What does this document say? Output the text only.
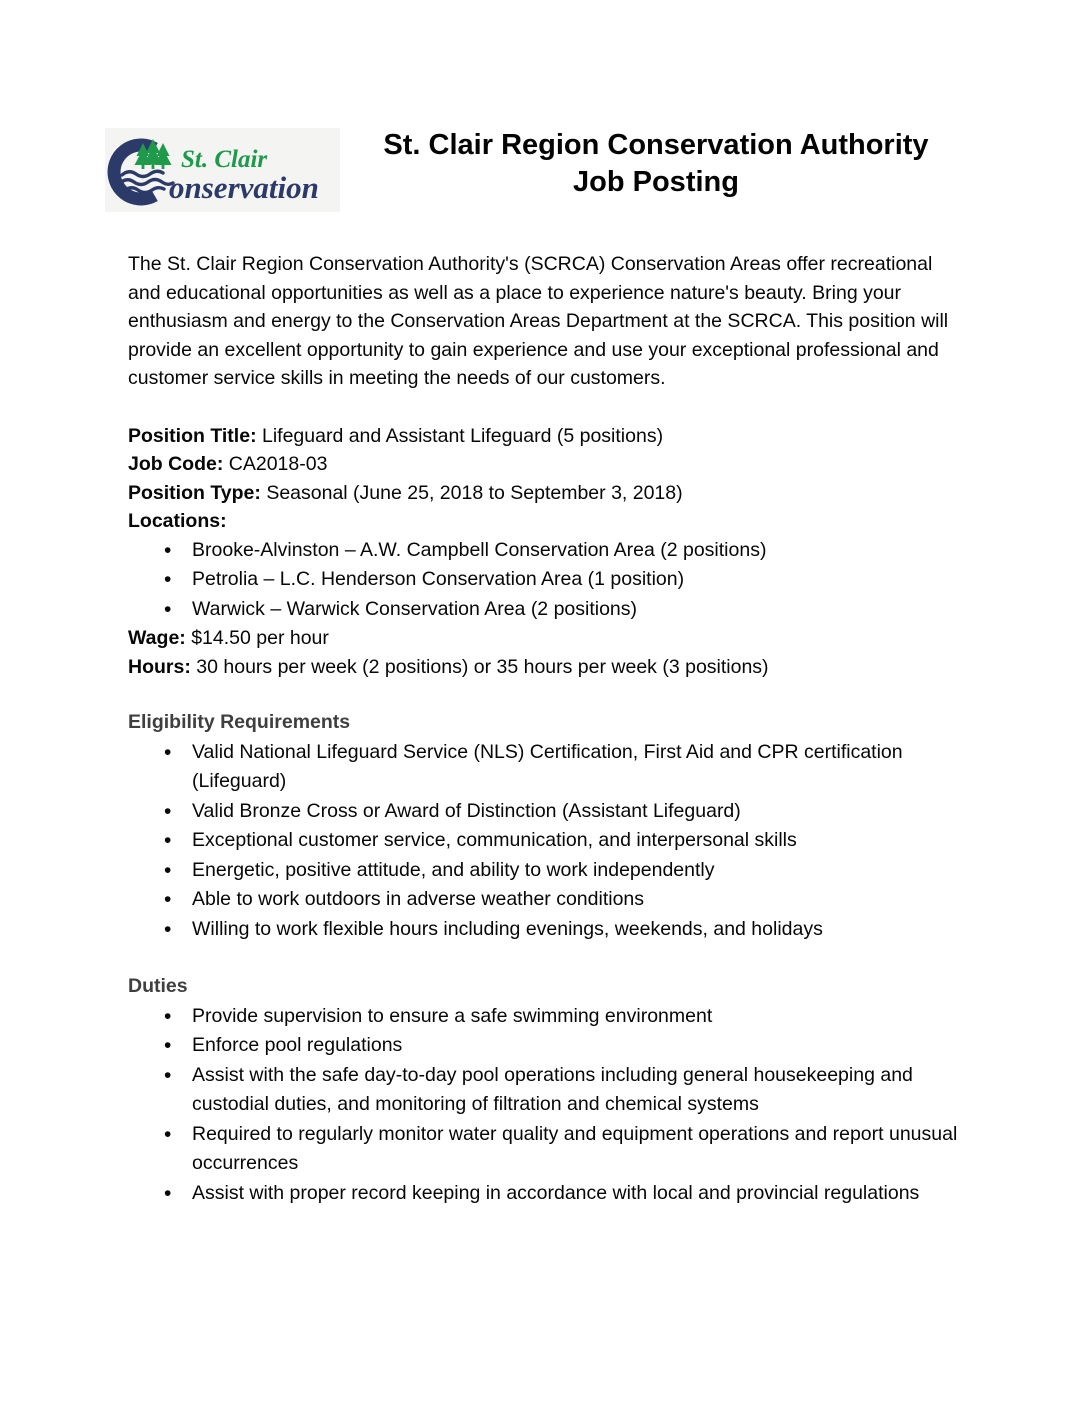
St. Clair
onservation
St. Clair Region Conservation Authority
Job Posting

The St. Clair Region Conservation Authority's (SCRCA) Conservation Areas offer recreational and educational opportunities as well as a place to experience nature's beauty. Bring your enthusiasm and energy to the Conservation Areas Department at the SCRCA. This position will provide an excellent opportunity to gain experience and use your exceptional professional and customer service skills in meeting the needs of our customers.

Position Title: Lifeguard and Assistant Lifeguard (5 positions)
Job Code: CA2018-03
Position Type: Seasonal (June 25, 2018 to September 3, 2018)
Locations:
• Brooke-Alvinston – A.W. Campbell Conservation Area (2 positions)
• Petrolia – L.C. Henderson Conservation Area (1 position)
• Warwick – Warwick Conservation Area (2 positions)
Wage: $14.50 per hour
Hours: 30 hours per week (2 positions) or 35 hours per week (3 positions)
Eligibility Requirements
• Valid National Lifeguard Service (NLS) Certification, First Aid and CPR certification (Lifeguard)
• Valid Bronze Cross or Award of Distinction (Assistant Lifeguard)
• Exceptional customer service, communication, and interpersonal skills
• Energetic, positive attitude, and ability to work independently
• Able to work outdoors in adverse weather conditions
• Willing to work flexible hours including evenings, weekends, and holidays
Duties
• Provide supervision to ensure a safe swimming environment
• Enforce pool regulations
• Assist with the safe day-to-day pool operations including general housekeeping and custodial duties, and monitoring of filtration and chemical systems
• Required to regularly monitor water quality and equipment operations and report unusual occurrences
• Assist with proper record keeping in accordance with local and provincial regulations
